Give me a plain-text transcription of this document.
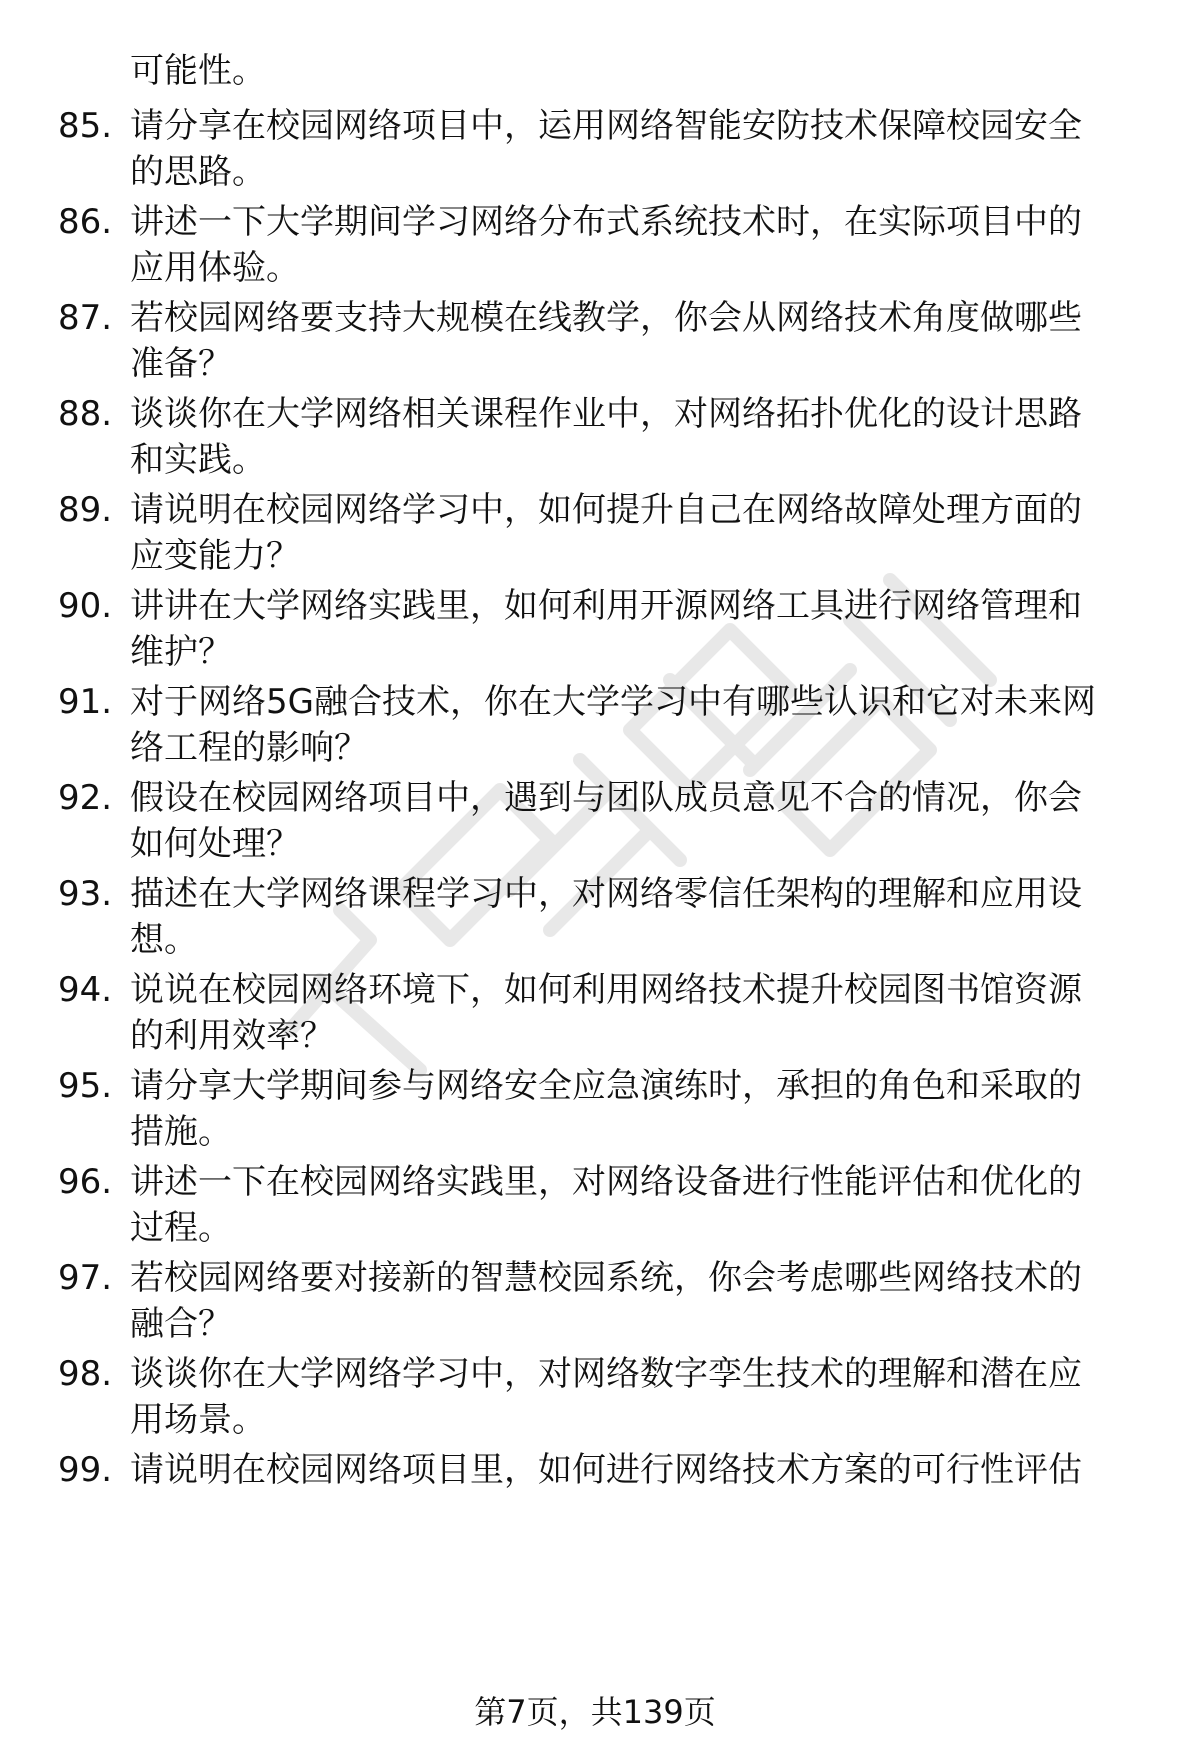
可能性。
85. 请分享在校园网络项目中，运用网络智能安防技术保障校园安全
的思路。
86. 讲述一下大学期间学习网络分布式系统技术时，在实际项目中的
应用体验。
87. 若校园网络要支持大规模在线教学，你会从网络技术角度做哪些
准备？
88. 谈谈你在大学网络相关课程作业中，对网络拓扑优化的设计思路
和实践。
89. 请说明在校园网络学习中，如何提升自己在网络故障处理方面的
应变能力？
90. 讲讲在大学网络实践里，如何利用开源网络工具进行网络管理和
维护？
91. 对于网络5G融合技术，你在大学学习中有哪些认识和它对未来网
络工程的影响？
92. 假设在校园网络项目中，遇到与团队成员意见不合的情况，你会
如何处理？
93. 描述在大学网络课程学习中，对网络零信任架构的理解和应用设
想。
94. 说说在校园网络环境下，如何利用网络技术提升校园图书馆资源
的利用效率？
95. 请分享大学期间参与网络安全应急演练时，承担的角色和采取的
措施。
96. 讲述一下在校园网络实践里，对网络设备进行性能评估和优化的
过程。
97. 若校园网络要对接新的智慧校园系统，你会考虑哪些网络技术的
融合？
98. 谈谈你在大学网络学习中，对网络数字孪生技术的理解和潜在应
用场景。
99. 请说明在校园网络项目里，如何进行网络技术方案的可行性评估
第7页，共139页
